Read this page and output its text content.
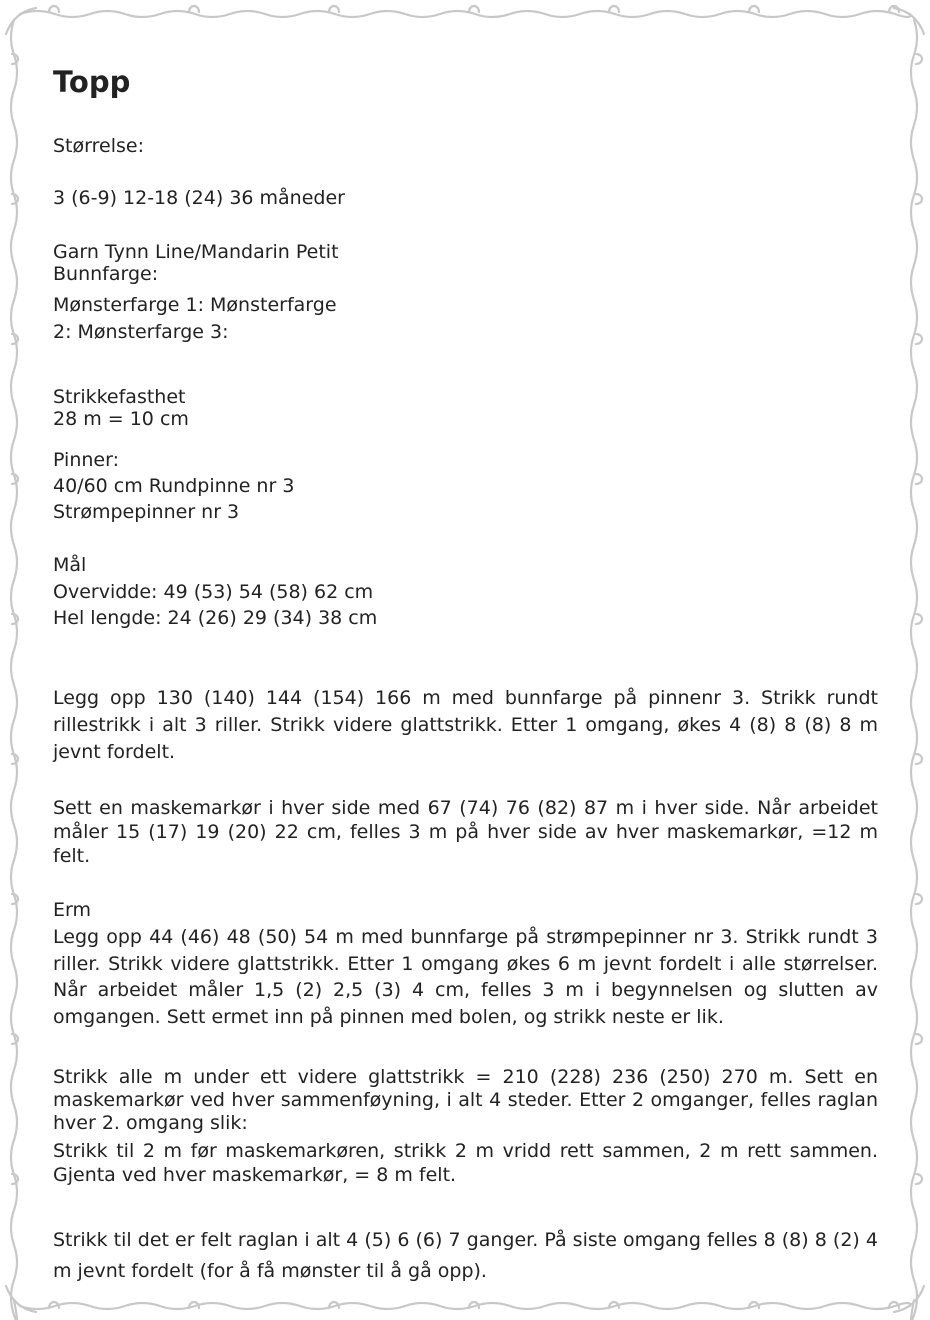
Topp
Størrelse:
3 (6-9) 12-18 (24) 36 måneder
Garn Tynn Line/Mandarin Petit
Bunnfarge:
Mønsterfarge 1: Mønsterfarge
2: Mønsterfarge 3:
Strikkefasthet
28 m = 10 cm
Pinner:
40/60 cm Rundpinne nr 3
Strømpepinner nr 3
Mål
Overvidde: 49 (53) 54 (58) 62 cm
Hel lengde: 24 (26) 29 (34) 38 cm
Legg opp 130 (140) 144 (154) 166 m med bunnfarge på pinnenr 3. Strikk rundt rillestrikk i alt 3 riller. Strikk videre glattstrikk. Etter 1 omgang, økes 4 (8) 8 (8) 8 m jevnt fordelt.
Sett en maskemarkør i hver side med 67 (74) 76 (82) 87 m i hver side. Når arbeidet måler 15 (17) 19 (20) 22 cm, felles 3 m på hver side av hver maskemarkør, =12 m felt.
Erm
Legg opp 44 (46) 48 (50) 54 m med bunnfarge på strømpepinner nr 3. Strikk rundt 3 riller. Strikk videre glattstrikk. Etter 1 omgang økes 6 m jevnt fordelt i alle størrelser. Når arbeidet måler 1,5 (2) 2,5 (3) 4 cm, felles 3 m i begynnelsen og slutten av omgangen. Sett ermet inn på pinnen med bolen, og strikk neste er lik.
Strikk alle m under ett videre glattstrikk = 210 (228) 236 (250) 270 m. Sett en maskemarkør ved hver sammenføyning, i alt 4 steder. Etter 2 omganger, felles raglan hver 2. omgang slik:
Strikk til 2 m før maskemarkøren, strikk 2 m vridd rett sammen, 2 m rett sammen. Gjenta ved hver maskemarkør, = 8 m felt.
Strikk til det er felt raglan i alt 4 (5) 6 (6) 7 ganger. På siste omgang felles 8 (8) 8 (2) 4 m jevnt fordelt (for å få mønster til å gå opp).
